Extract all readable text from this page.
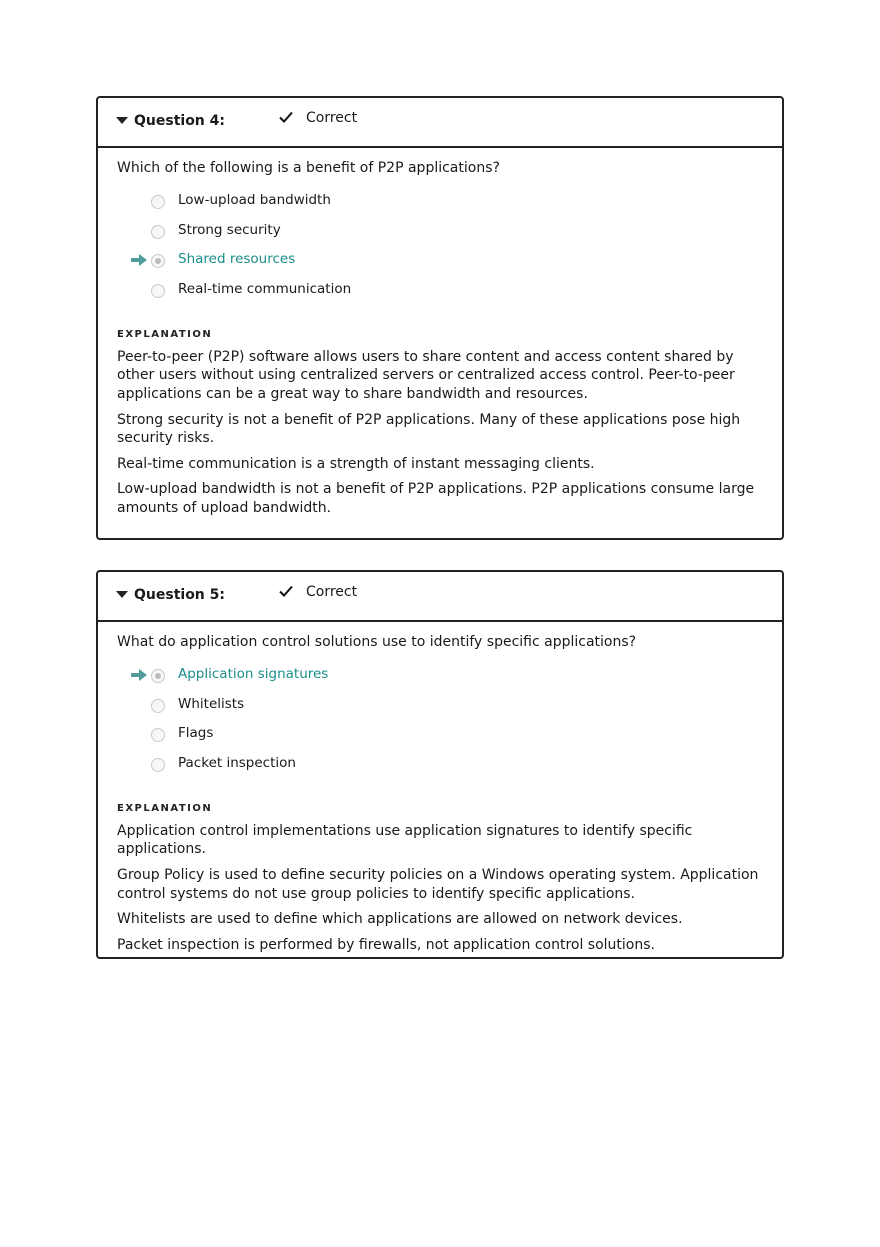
Question 4:	Correct
Which of the following is a benefit of P2P applications?
Low-upload bandwidth
Strong security
Shared resources
Real-time communication
EXPLANATION

Peer-to-peer (P2P) software allows users to share content and access content shared by other users without using centralized servers or centralized access control. Peer-to-peer applications can be a great way to share bandwidth and resources.

Strong security is not a benefit of P2P applications. Many of these applications pose high security risks.

Real-time communication is a strength of instant messaging clients.

Low-upload bandwidth is not a benefit of P2P applications. P2P applications consume large amounts of upload bandwidth.

Question 5:	Correct
What do application control solutions use to identify specific applications?
Application signatures
Whitelists
Flags
Packet inspection
EXPLANATION

Application control implementations use application signatures to identify specific applications.

Group Policy is used to define security policies on a Windows operating system. Application control systems do not use group policies to identify specific applications.

Whitelists are used to define which applications are allowed on network devices.

Packet inspection is performed by firewalls, not application control solutions.
